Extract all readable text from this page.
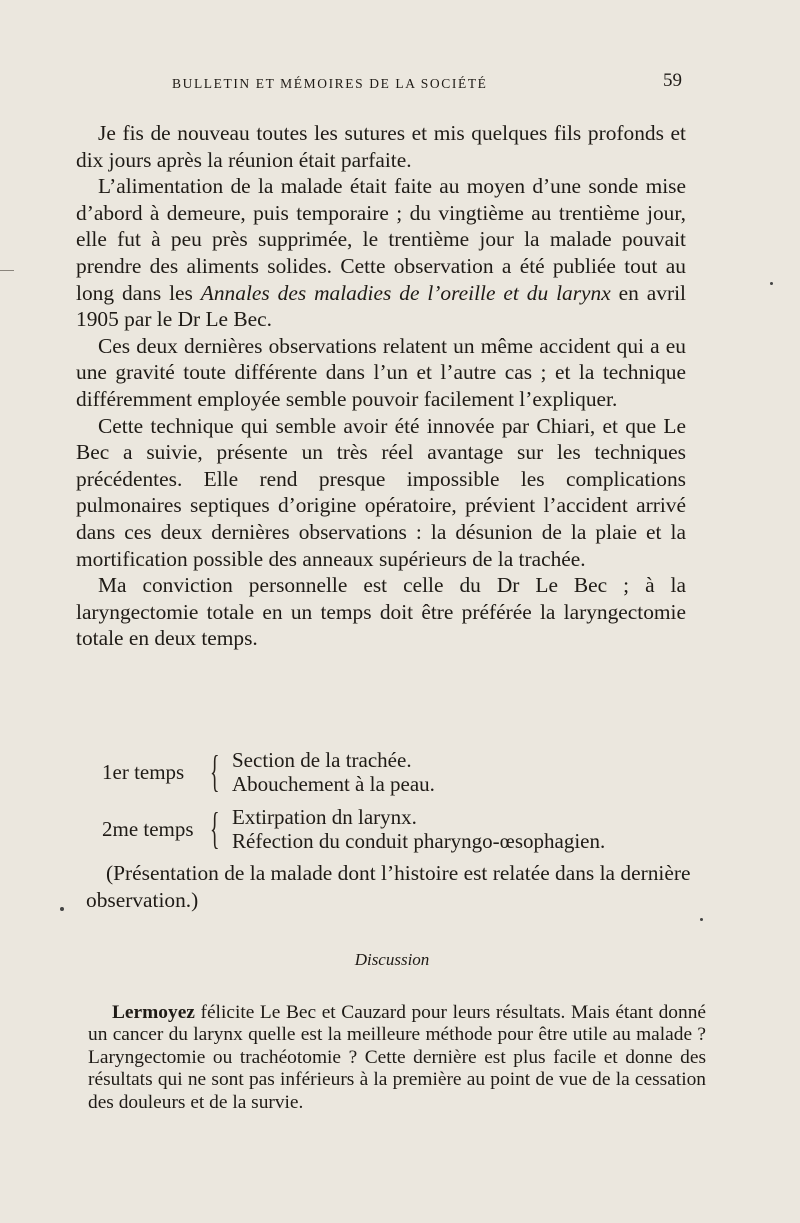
BULLETIN ET MÉMOIRES DE LA SOCIÉTÉ	59

Je fis de nouveau toutes les sutures et mis quelques fils profonds et dix jours après la réunion était parfaite.

L’alimentation de la malade était faite au moyen d’une sonde mise d’abord à demeure, puis temporaire ; du vingtième au trentième jour, elle fut à peu près supprimée, le trentième jour la malade pouvait prendre des aliments solides. Cette observation a été publiée tout au long dans les Annales des maladies de l’oreille et du larynx en avril 1905 par le Dr Le Bec.

Ces deux dernières observations relatent un même accident qui a eu une gravité toute différente dans l’un et l’autre cas ; et la technique différemment employée semble pouvoir facilement l’expliquer.

Cette technique qui semble avoir été innovée par Chiari, et que Le Bec a suivie, présente un très réel avantage sur les techniques précédentes. Elle rend presque impossible les complications pulmonaires septiques d’origine opératoire, prévient l’accident arrivé dans ces deux dernières observations : la désunion de la plaie et la mortification possible des anneaux supérieurs de la trachée.

Ma conviction personnelle est celle du Dr Le Bec ; à la laryngectomie totale en un temps doit être préférée la laryngectomie totale en deux temps.

1er temps { Section de la trachée.
Abouchement à la peau.
2me temps { Extirpation dn larynx.
Réfection du conduit pharyngo-œsophagien.

(Présentation de la malade dont l’histoire est relatée dans la dernière observation.)

Discussion

Lermoyez félicite Le Bec et Cauzard pour leurs résultats. Mais étant donné un cancer du larynx quelle est la meilleure méthode pour être utile au malade ? Laryngectomie ou trachéotomie ? Cette dernière est plus facile et donne des résultats qui ne sont pas inférieurs à la première au point de vue de la cessation des douleurs et de la survie.
